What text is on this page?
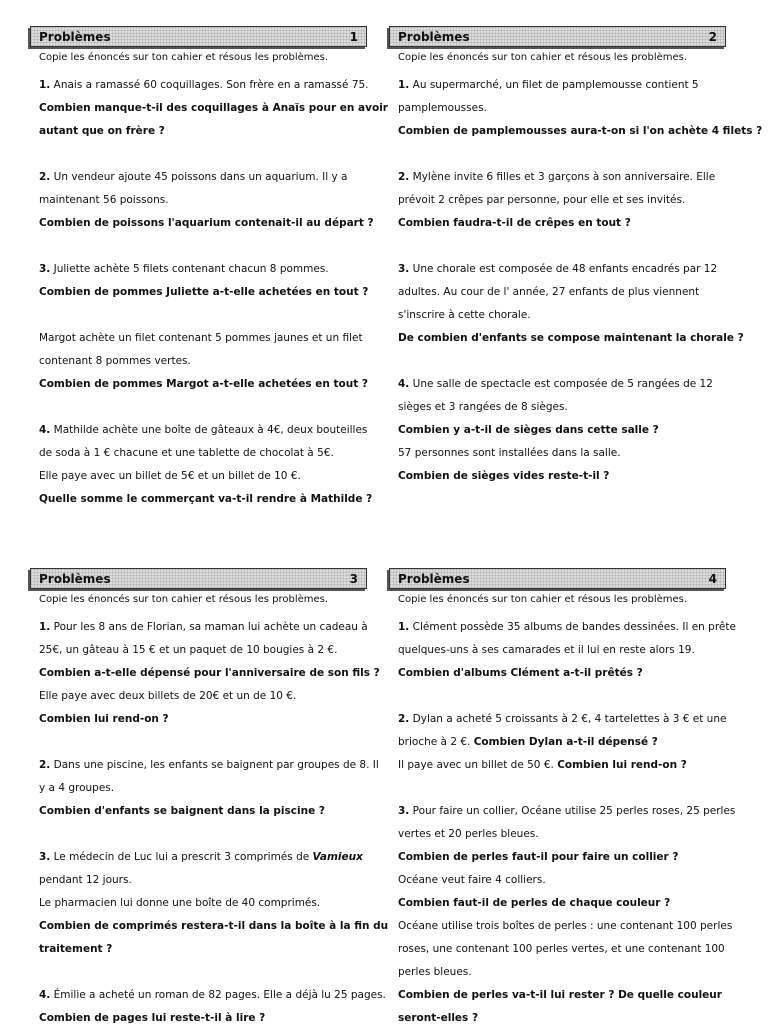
Problèmes	1
Copie les énoncés sur ton cahier et résous les problèmes.
1. Anais a ramassé 60 coquillages. Son frère en a ramassé 75.
Combien manque-t-il des coquillages à Anaïs pour en avoir
autant que on frère ?
2. Un vendeur ajoute 45 poissons dans un aquarium. Il y a
maintenant 56 poissons.
Combien de poissons l'aquarium contenait-il au départ ?
3. Juliette achète 5 filets contenant chacun 8 pommes.
Combien de pommes Juliette a-t-elle achetées en tout ?
Margot achète un filet contenant 5 pommes jaunes et un filet
contenant 8 pommes vertes.
Combien de pommes Margot a-t-elle achetées en tout ?
4. Mathilde achète une boîte de gâteaux à 4€, deux bouteilles
de soda à 1 € chacune et une tablette de chocolat à 5€.
Elle paye avec un billet de 5€ et un billet de 10 €.
Quelle somme le commerçant va-t-il rendre à Mathilde ?
Problèmes	2
Copie les énoncés sur ton cahier et résous les problèmes.
1. Au supermarché, un filet de pamplemousse contient 5
pamplemousses.
Combien de pamplemousses aura-t-on si l'on achète 4 filets ?
2. Mylène invite 6 filles et 3 garçons à son anniversaire. Elle
prévoit 2 crêpes par personne, pour elle et ses invités.
Combien faudra-t-il de crêpes en tout ?
3. Une chorale est composée de 48 enfants encadrés par 12
adultes. Au cour de l' année, 27 enfants de plus viennent
s'inscrire à cette chorale.
De combien d'enfants se compose maintenant la chorale ?
4. Une salle de spectacle est composée de 5 rangées de 12
sièges et 3 rangées de 8 sièges.
Combien y a-t-il de sièges dans cette salle ?
57 personnes sont installées dans la salle.
Combien de sièges vides reste-t-il ?
Problèmes	3
Copie les énoncés sur ton cahier et résous les problèmes.
1. Pour les 8 ans de Florian, sa maman lui achète un cadeau à
25€, un gâteau à 15 € et un paquet de 10 bougies à 2 €.
Combien a-t-elle dépensé pour l'anniversaire de son fils ?
Elle paye avec deux billets de 20€ et un de 10 €.
Combien lui rend-on ?
2. Dans une piscine, les enfants se baignent par groupes de 8. Il
y a 4 groupes.
Combien d'enfants se baignent dans la piscine ?
3. Le médecin de Luc lui a prescrit 3 comprimés de Vamieux
pendant 12 jours.
Le pharmacien lui donne une boîte de 40 comprimés.
Combien de comprimés restera-t-il dans la boîte à la fin du
traitement ?
4. Émilie a acheté un roman de 82 pages. Elle a déjà lu 25 pages.
Combien de pages lui reste-t-il à lire ?
Problèmes	4
Copie les énoncés sur ton cahier et résous les problèmes.
1. Clément possède 35 albums de bandes dessinées. Il en prête
quelques-uns à ses camarades et il lui en reste alors 19.
Combien d'albums Clément a-t-il prêtés ?
2. Dylan a acheté 5 croissants à 2 €, 4 tartelettes à 3 € et une
brioche à 2 €. Combien Dylan a-t-il dépensé ?
Il paye avec un billet de 50 €. Combien lui rend-on ?
3. Pour faire un collier, Océane utilise 25 perles roses, 25 perles
vertes et 20 perles bleues.
Combien de perles faut-il pour faire un collier ?
Océane veut faire 4 colliers.
Combien faut-il de perles de chaque couleur ?
Océane utilise trois boîtes de perles : une contenant 100 perles
roses, une contenant 100 perles vertes, et une contenant 100
perles bleues.
Combien de perles va-t-il lui rester ? De quelle couleur
seront-elles ?
